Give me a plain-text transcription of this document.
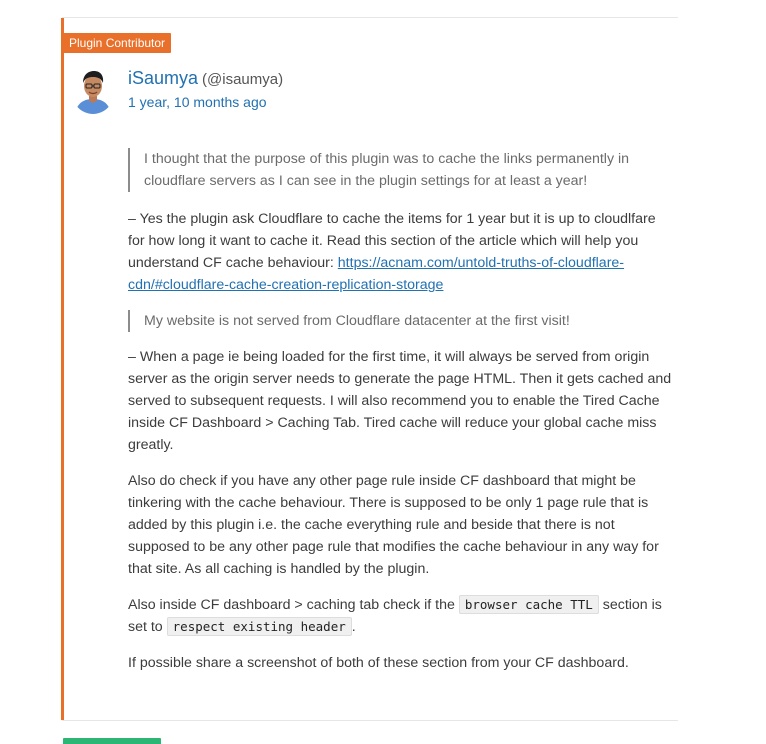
Plugin Contributor
iSaumya (@isaumya)
1 year, 10 months ago
I thought that the purpose of this plugin was to cache the links permanently in cloudflare servers as I can see in the plugin settings for at least a year!

– Yes the plugin ask Cloudflare to cache the items for 1 year but it is up to cloudlfare for how long it want to cache it. Read this section of the article which will help you understand CF cache behaviour: https://acnam.com/untold-truths-of-cloudflare-cdn/#cloudflare-cache-creation-replication-storage

My website is not served from Cloudflare datacenter at the first visit!

– When a page ie being loaded for the first time, it will always be served from origin server as the origin server needs to generate the page HTML. Then it gets cached and served to subsequent requests. I will also recommend you to enable the Tired Cache inside CF Dashboard > Caching Tab. Tired cache will reduce your global cache miss greatly.

Also do check if you have any other page rule inside CF dashboard that might be tinkering with the cache behaviour. There is supposed to be only 1 page rule that is added by this plugin i.e. the cache everything rule and beside that there is not supposed to be any other page rule that modifies the cache behaviour in any way for that site. As all caching is handled by the plugin.

Also inside CF dashboard > caching tab check if the browser cache TTL section is set to respect existing header .

If possible share a screenshot of both of these section from your CF dashboard.
